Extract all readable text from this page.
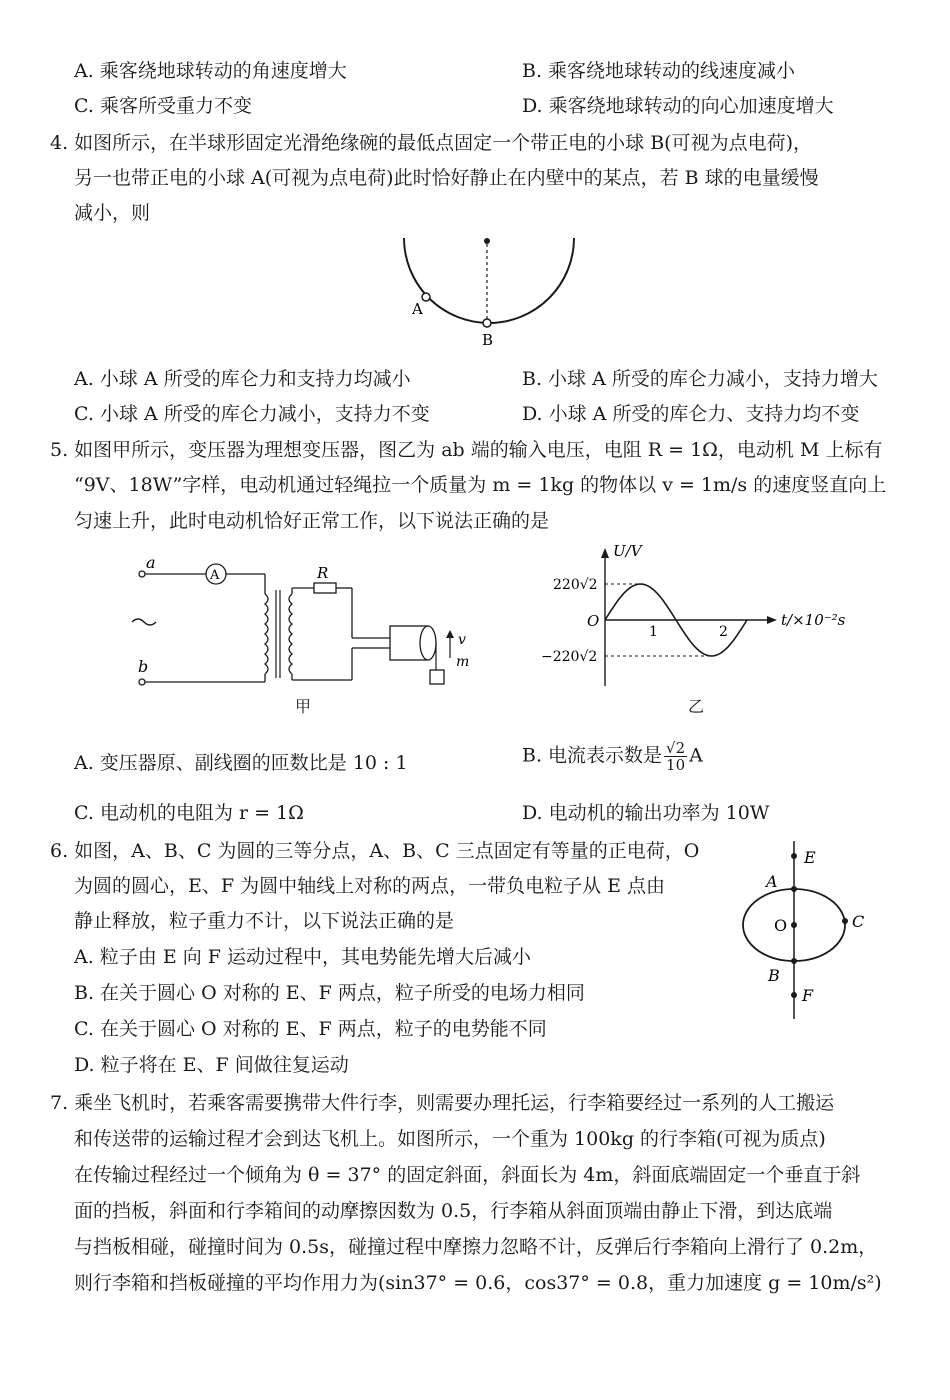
A. 乘客绕地球转动的角速度增大	B. 乘客绕地球转动的线速度减小
C. 乘客所受重力不变	D. 乘客绕地球转动的向心加速度增大
4. 如图所示，在半球形固定光滑绝缘碗的最低点固定一个带正电的小球 B(可视为点电荷)，
另一也带正电的小球 A(可视为点电荷)此时恰好静止在内壁中的某点，若 B 球的电量缓慢
减小，则
A
B
A. 小球 A 所受的库仑力和支持力均减小	B. 小球 A 所受的库仑力减小，支持力增大
C. 小球 A 所受的库仑力减小，支持力不变	D. 小球 A 所受的库仑力、支持力均不变
5. 如图甲所示，变压器为理想变压器，图乙为 ab 端的输入电压，电阻 R = 1Ω，电动机 M 上标有
“9V、18W”字样，电动机通过轻绳拉一个质量为 m = 1kg 的物体以 v = 1m/s 的速度竖直向上
匀速上升，此时电动机恰好正常工作，以下说法正确的是
a
A
b
R
v
m
甲
U/V
t/×10⁻²s
O
220√2
−220√2
1	2
乙
A. 变压器原、副线圈的匝数比是 10 : 1	B. 电流表示数是 $\frac{√2}{10}$ A
C. 电动机的电阻为 r = 1Ω	D. 电动机的输出功率为 10W
6. 如图，A、B、C 为圆的三等分点，A、B、C 三点固定有等量的正电荷，O
为圆的圆心，E、F 为圆中轴线上对称的两点，一带负电粒子从 E 点由
静止释放，粒子重力不计，以下说法正确的是
A. 粒子由 E 向 F 运动过程中，其电势能先增大后减小
B. 在关于圆心 O 对称的 E、F 两点，粒子所受的电场力相同
C. 在关于圆心 O 对称的 E、F 两点，粒子的电势能不同
D. 粒子将在 E、F 间做往复运动
E
A
O	C
B
F
7. 乘坐飞机时，若乘客需要携带大件行李，则需要办理托运，行李箱要经过一系列的人工搬运
和传送带的运输过程才会到达飞机上。如图所示，一个重为 100kg 的行李箱(可视为质点)
在传输过程经过一个倾角为 θ = 37° 的固定斜面，斜面长为 4m，斜面底端固定一个垂直于斜
面的挡板，斜面和行李箱间的动摩擦因数为 0.5，行李箱从斜面顶端由静止下滑，到达底端
与挡板相碰，碰撞时间为 0.5s，碰撞过程中摩擦力忽略不计，反弹后行李箱向上滑行了 0.2m，
则行李箱和挡板碰撞的平均作用力为(sin37° = 0.6，cos37° = 0.8，重力加速度 g = 10m/s²)
